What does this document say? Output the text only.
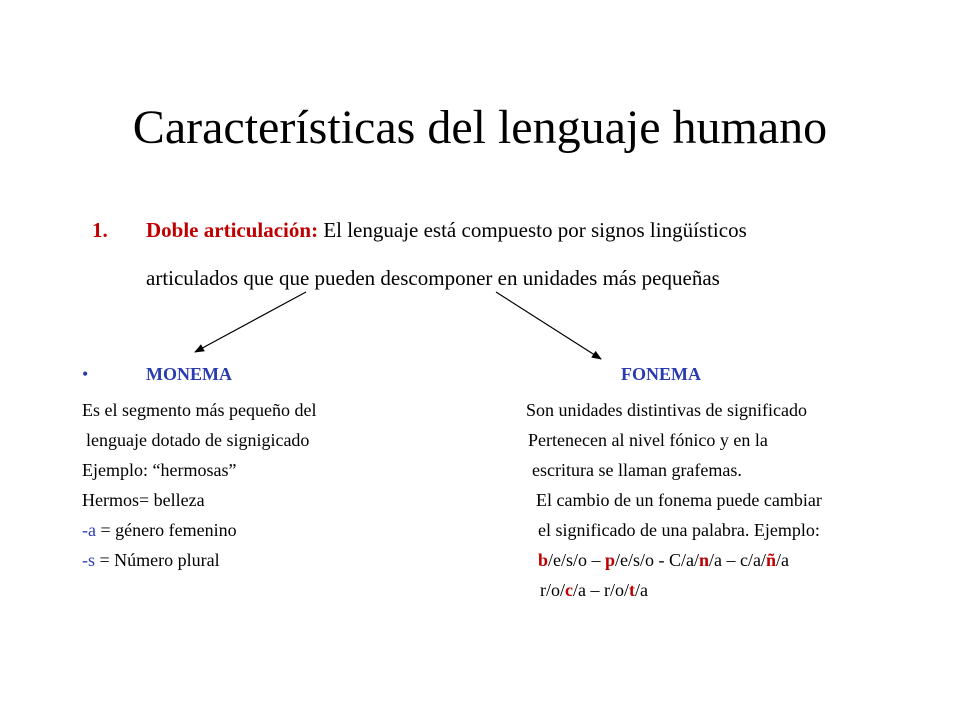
Características del lenguaje humano
1. Doble articulación: El lenguaje está compuesto por signos lingüísticos
articulados que que pueden descomponer en unidades más pequeñas
•	MONEMA	FONEMA
Es el segmento más pequeño del
lenguaje dotado de signigicado
Ejemplo: “hermosas”
Hermos= belleza
-a = género femenino
-s = Número plural
Son unidades distintivas de significado
Pertenecen al nivel fónico y en la
escritura se llaman grafemas.
El cambio de un fonema puede cambiar
el significado de una palabra. Ejemplo:
b/e/s/o – p/e/s/o - C/a/n/a – c/a/ñ/a
r/o/c/a – r/o/t/a
